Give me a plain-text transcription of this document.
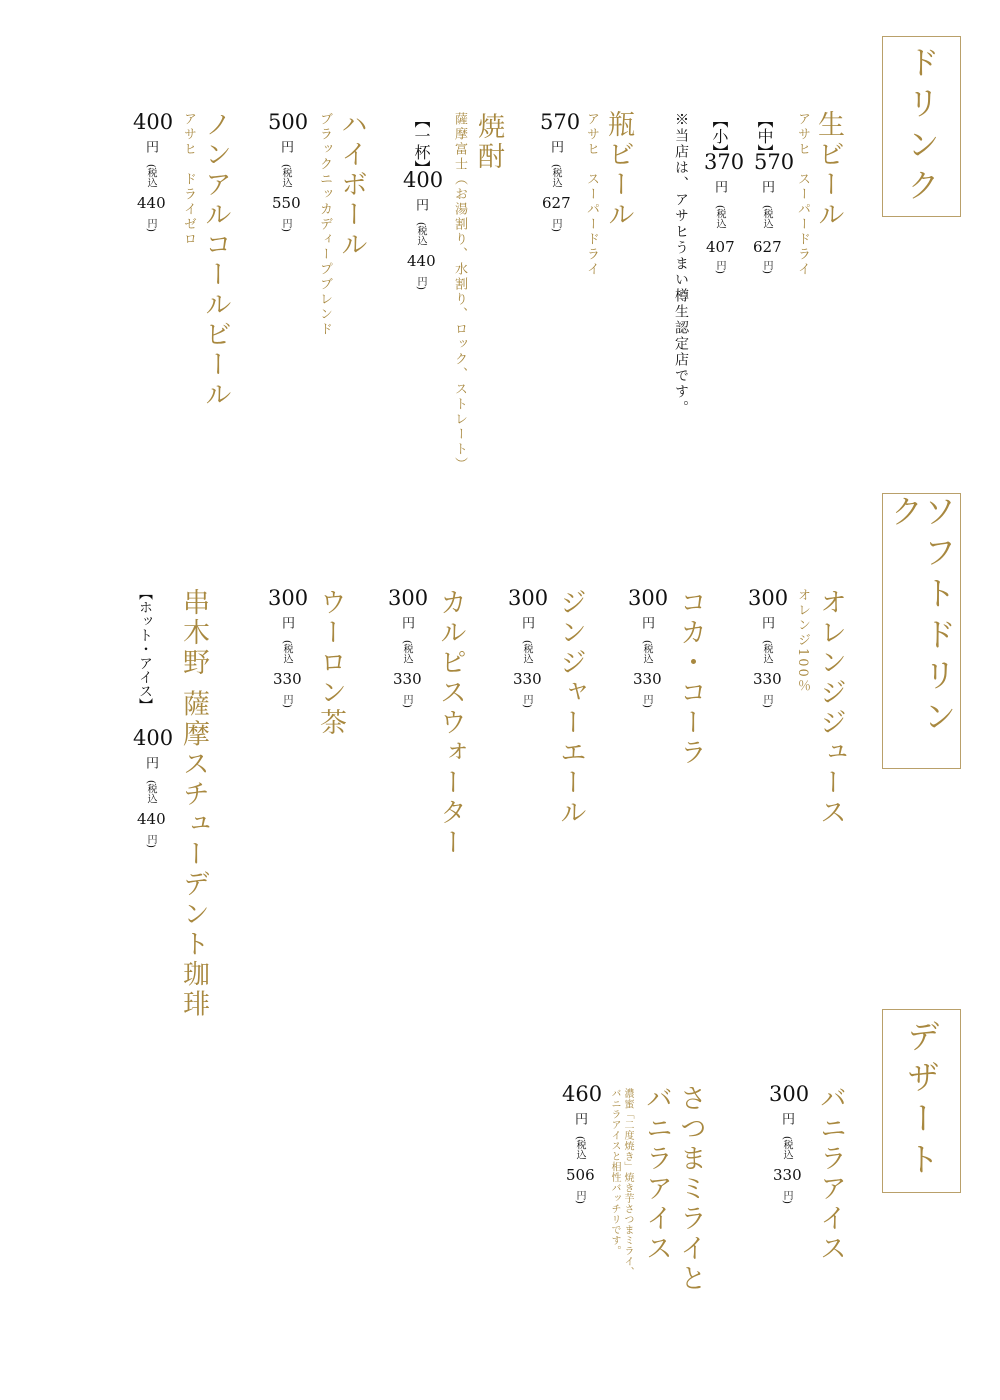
ドリンク
ソフトドリンク
デザート
生ビール
アサヒ　スーパードライ
【中】
570
円
(税込
627
円)
【小】
370
円
(税込
407
円)
※当店は、アサヒうまい樽生認定店です。
瓶ビール
アサヒ　スーパードライ
570
円
(税込
627
円)
焼酎
薩摩富士（お湯割り、水割り、ロック、ストレート）
【一杯】
400
円
(税込
440
円)
ハイボール
ブラックニッカディープブレンド
500
円
(税込
550
円)
ノンアルコールビール
アサヒ　ドライゼロ
400
円
(税込
440
円)
オレンジジュース
オレンジ100％
300
円
(税込
330
円)
コカ・コーラ
300
円
(税込
330
円)
ジンジャーエール
300
円
(税込
330
円)
カルピスウォーター
300
円
(税込
330
円)
ウーロン茶
300
円
(税込
330
円)
串木野 薩摩スチューデント珈琲
【ホット・アイス】
400
円
(税込
440
円)
バニラアイス
300
円
(税込
330
円)
さつまミライと
バニラアイス
濃蜜「二度焼き」焼き芋さつまミライ、
バニラアイスと相性バッチリです。
460
円
(税込
506
円)
